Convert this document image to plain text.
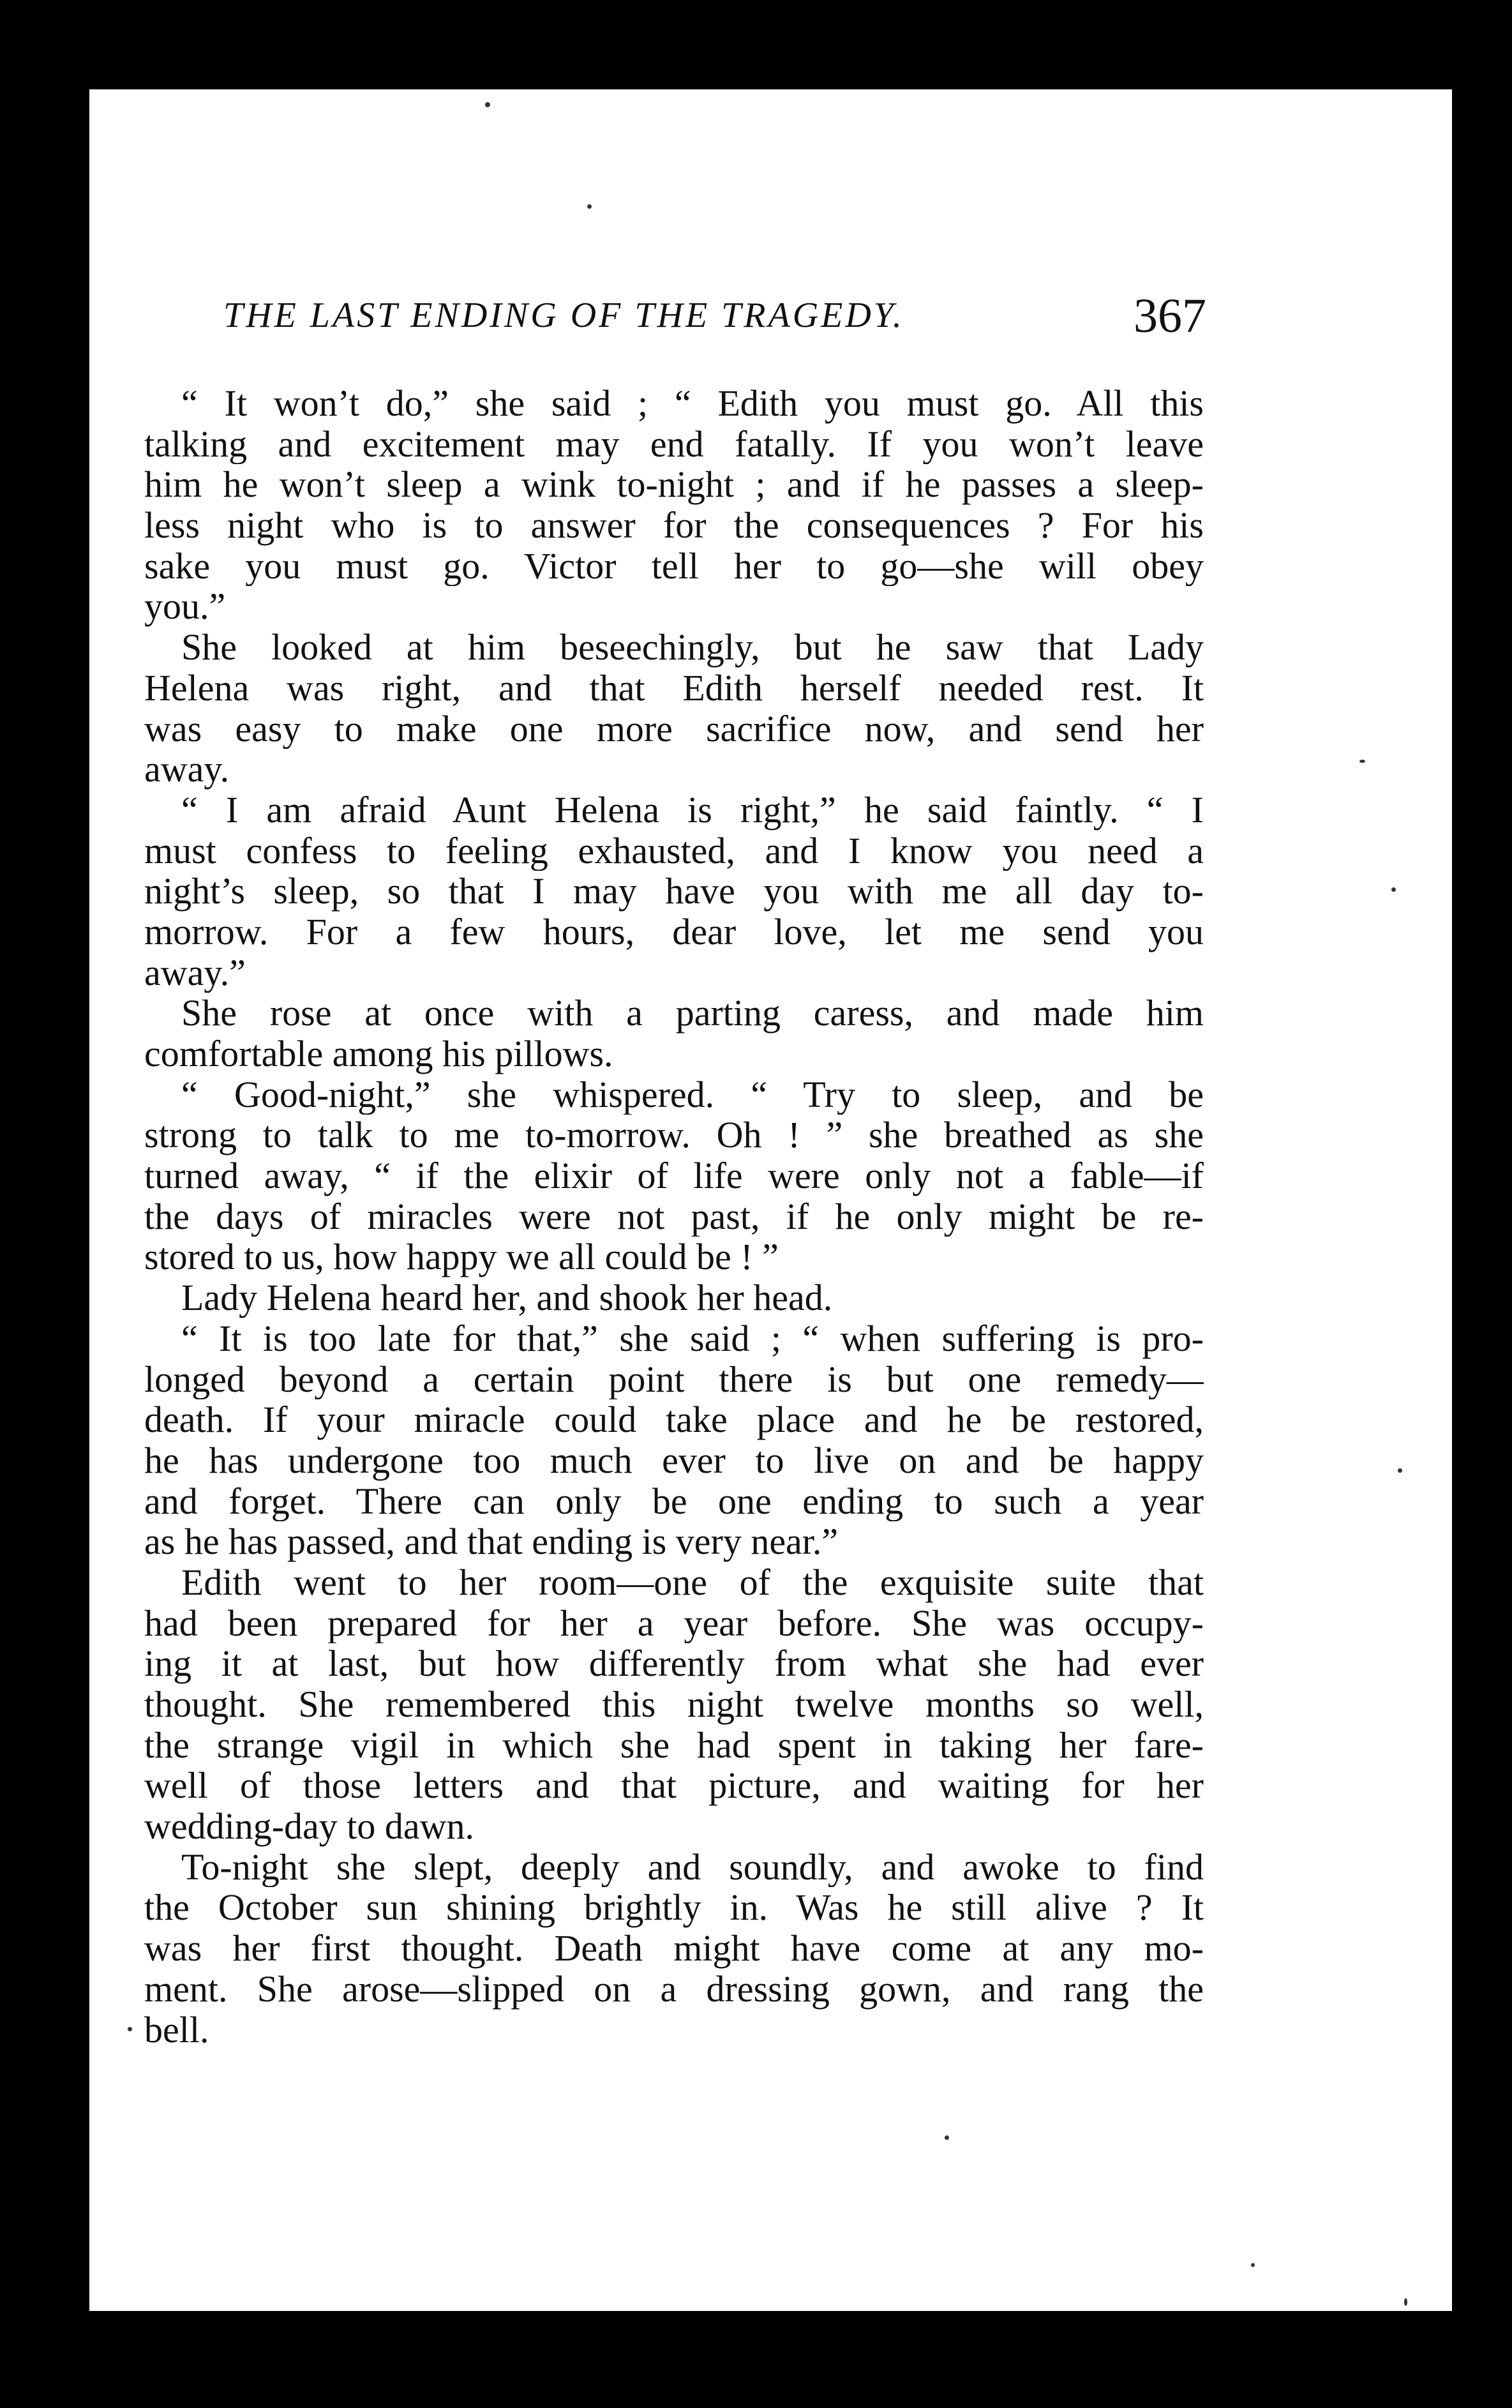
THE LAST ENDING OF THE TRAGEDY.	367
“ It won’t do,” she said ; “ Edith you must go. All this
talking and excitement may end fatally. If you won’t leave
him he won’t sleep a wink to-night ; and if he passes a sleep-
less night who is to answer for the consequences ? For his
sake you must go. Victor tell her to go—she will obey
you.”
She looked at him beseechingly, but he saw that Lady
Helena was right, and that Edith herself needed rest. It
was easy to make one more sacrifice now, and send her
away.
“ I am afraid Aunt Helena is right,” he said faintly. “ I
must confess to feeling exhausted, and I know you need a
night’s sleep, so that I may have you with me all day to-
morrow. For a few hours, dear love, let me send you
away.”
She rose at once with a parting caress, and made him
comfortable among his pillows.
“ Good-night,” she whispered. “ Try to sleep, and be
strong to talk to me to-morrow. Oh ! ” she breathed as she
turned away, “ if the elixir of life were only not a fable—if
the days of miracles were not past, if he only might be re-
stored to us, how happy we all could be ! ”
Lady Helena heard her, and shook her head.
“ It is too late for that,” she said ; “ when suffering is pro-
longed beyond a certain point there is but one remedy—
death. If your miracle could take place and he be restored,
he has undergone too much ever to live on and be happy
and forget. There can only be one ending to such a year
as he has passed, and that ending is very near.”
Edith went to her room—one of the exquisite suite that
had been prepared for her a year before. She was occupy-
ing it at last, but how differently from what she had ever
thought. She remembered this night twelve months so well,
the strange vigil in which she had spent in taking her fare-
well of those letters and that picture, and waiting for her
wedding-day to dawn.
To-night she slept, deeply and soundly, and awoke to find
the October sun shining brightly in. Was he still alive ? It
was her first thought. Death might have come at any mo-
ment. She arose—slipped on a dressing gown, and rang the
bell.
